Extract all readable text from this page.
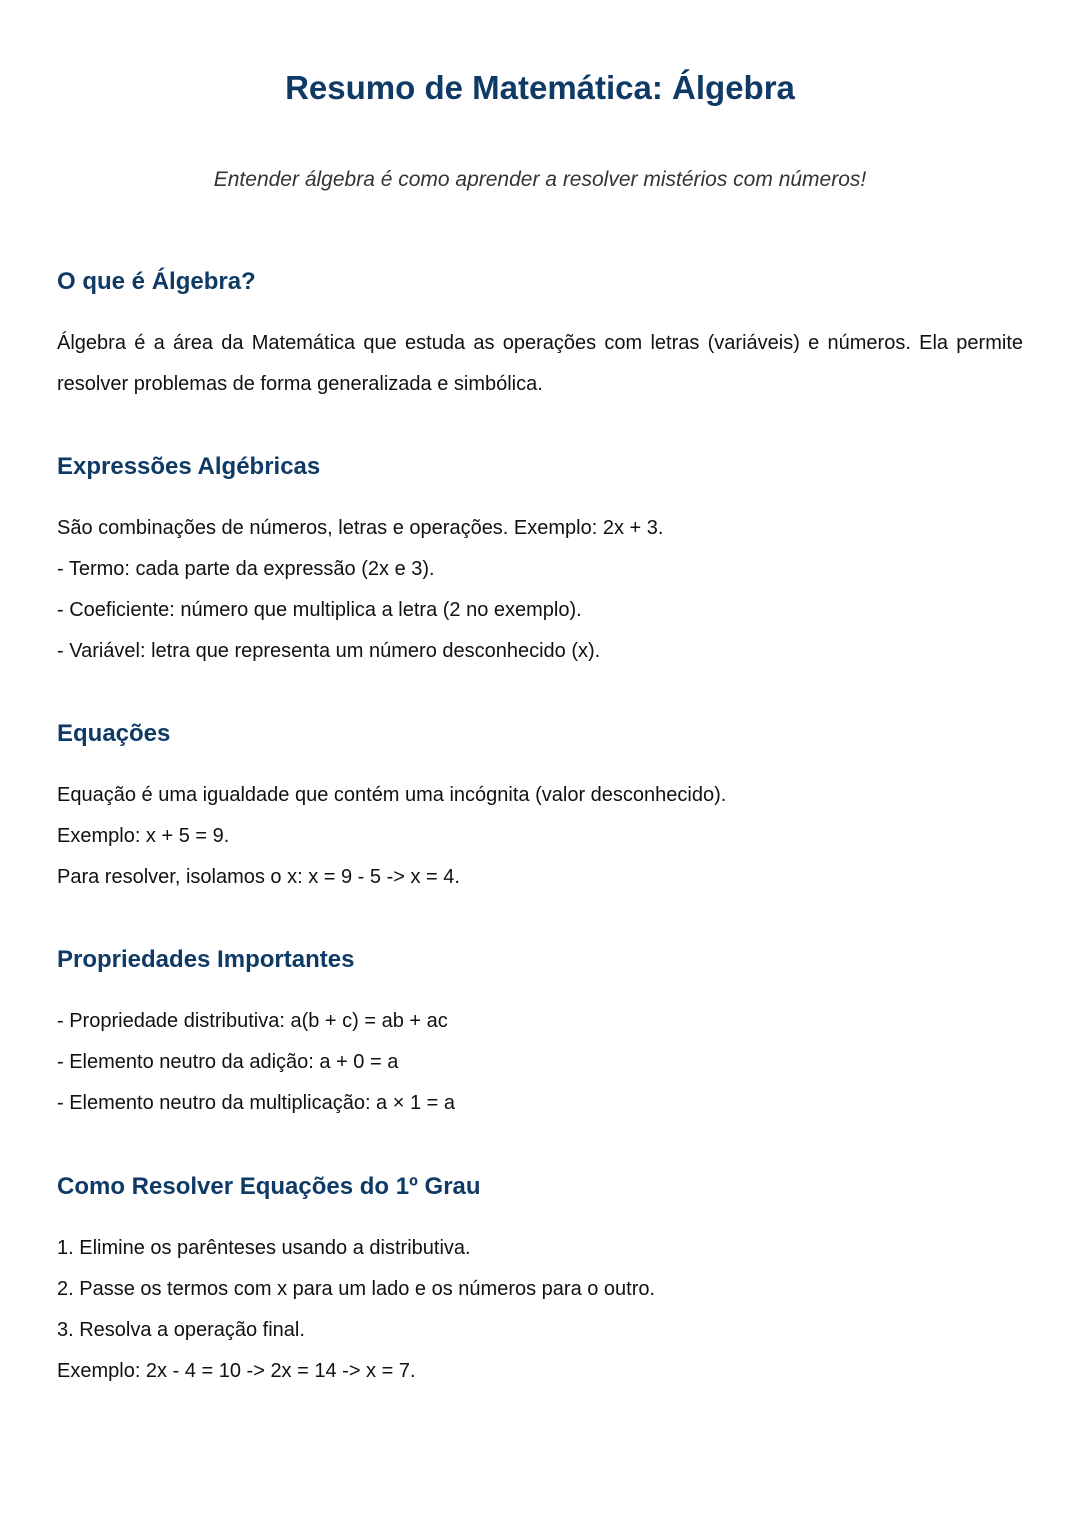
Resumo de Matemática: Álgebra

Entender álgebra é como aprender a resolver mistérios com números!

O que é Álgebra?

Álgebra é a área da Matemática que estuda as operações com letras (variáveis) e números. Ela permite resolver problemas de forma generalizada e simbólica.

Expressões Algébricas

São combinações de números, letras e operações. Exemplo: 2x + 3.

- Termo: cada parte da expressão (2x e 3).

- Coeficiente: número que multiplica a letra (2 no exemplo).

- Variável: letra que representa um número desconhecido (x).

Equações

Equação é uma igualdade que contém uma incógnita (valor desconhecido).

Exemplo: x + 5 = 9.

Para resolver, isolamos o x: x = 9 - 5 -> x = 4.

Propriedades Importantes

- Propriedade distributiva: a(b + c) = ab + ac

- Elemento neutro da adição: a + 0 = a

- Elemento neutro da multiplicação: a × 1 = a

Como Resolver Equações do 1º Grau

1. Elimine os parênteses usando a distributiva.

2. Passe os termos com x para um lado e os números para o outro.

3. Resolva a operação final.

Exemplo: 2x - 4 = 10 -> 2x = 14 -> x = 7.
